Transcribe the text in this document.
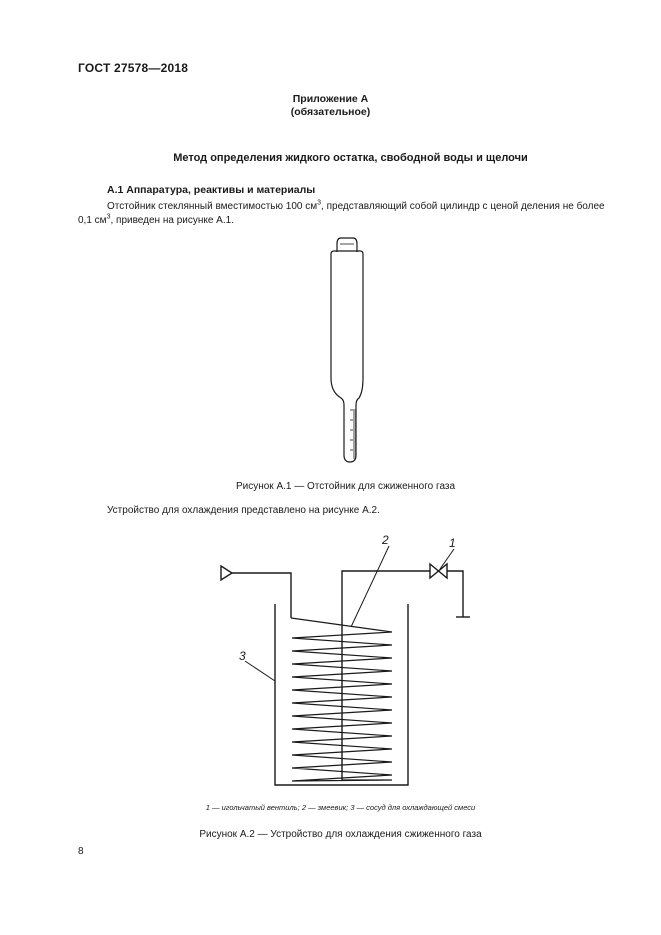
ГОСТ 27578—2018
Приложение А
(обязательное)
Метод определения жидкого остатка, свободной воды и щелочи
А.1 Аппаратура, реактивы и материалы
Отстойник стеклянный вместимостью 100 $см^3$, представляющий собой цилиндр с ценой деления не более
0,1 $см^3$, приведен на рисунке А.1.
Рисунок А.1 — Отстойник для сжиженного газа
Устройство для охлаждения представлено на рисунке А.2.
2	1
3
1 — игольчатый вентиль; 2 — змеевик; 3 — сосуд для охлаждающей смеси
Рисунок А.2 — Устройство для охлаждения сжиженного газа
8
